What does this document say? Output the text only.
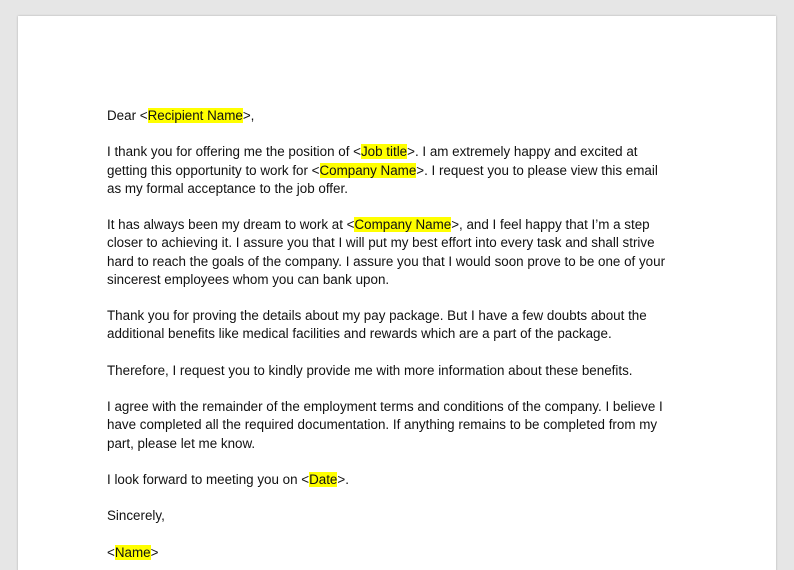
Dear <Recipient Name>,

I thank you for offering me the position of <Job title>. I am extremely happy and excited at
getting this opportunity to work for <Company Name>. I request you to please view this email
as my formal acceptance to the job offer.

It has always been my dream to work at <Company Name>, and I feel happy that I’m a step
closer to achieving it. I assure you that I will put my best effort into every task and shall strive
hard to reach the goals of the company. I assure you that I would soon prove to be one of your
sincerest employees whom you can bank upon.

Thank you for proving the details about my pay package. But I have a few doubts about the
additional benefits like medical facilities and rewards which are a part of the package.

Therefore, I request you to kindly provide me with more information about these benefits.

I agree with the remainder of the employment terms and conditions of the company. I believe I
have completed all the required documentation. If anything remains to be completed from my
part, please let me know.

I look forward to meeting you on <Date>.

Sincerely,

<Name>
